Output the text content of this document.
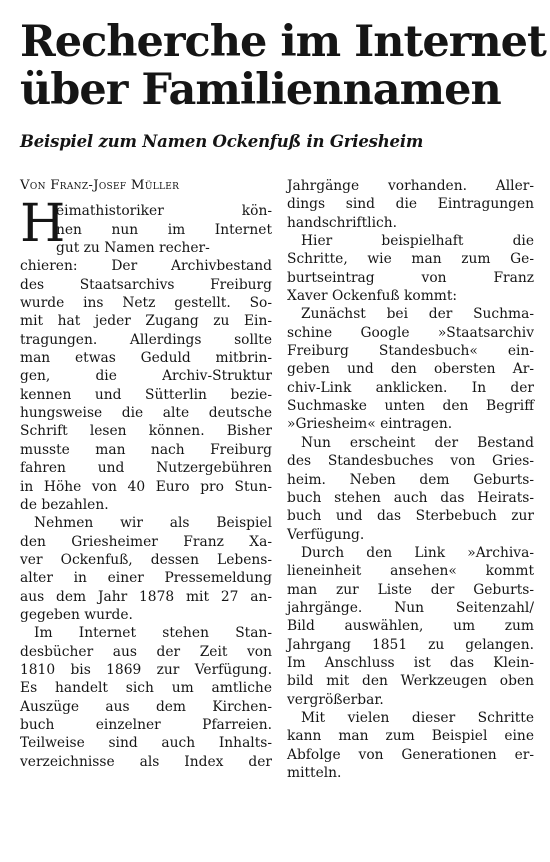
Recherche im Internet
über Familiennamen

Beispiel zum Namen Ockenfuß in Griesheim

Von Franz-Josef Müller

H

eimathistoriker kön-
nen nun im Internet
gut zu Namen recher-

chieren: Der Archivbestand
des Staatsarchivs Freiburg
wurde ins Netz gestellt. So-
mit hat jeder Zugang zu Ein-
tragungen. Allerdings sollte
man etwas Geduld mitbrin-
gen, die Archiv-Struktur
kennen und Sütterlin bezie-
hungsweise die alte deutsche
Schrift lesen können. Bisher
musste man nach Freiburg
fahren und Nutzergebühren
in Höhe von 40 Euro pro Stun-
de bezahlen.

Nehmen wir als Beispiel
den Griesheimer Franz Xa-
ver Ockenfuß, dessen Lebens-
alter in einer Pressemeldung
aus dem Jahr 1878 mit 27 an-
gegeben wurde.

Im Internet stehen Stan-
desbücher aus der Zeit von
1810 bis 1869 zur Verfügung.
Es handelt sich um amtliche
Auszüge aus dem Kirchen-
buch einzelner Pfarreien.
Teilweise sind auch Inhalts-
verzeichnisse als Index der

Jahrgänge vorhanden. Aller-
dings sind die Eintragungen
handschriftlich.

Hier beispielhaft die
Schritte, wie man zum Ge-
burtseintrag von Franz
Xaver Ockenfuß kommt:

Zunächst bei der Suchma-
schine Google »Staatsarchiv
Freiburg Standesbuch« ein-
geben und den obersten Ar-
chiv-Link anklicken. In der
Suchmaske unten den Begriff
»Griesheim« eintragen.

Nun erscheint der Bestand
des Standesbuches von Gries-
heim. Neben dem Geburts-
buch stehen auch das Heirats-
buch und das Sterbebuch zur
Verfügung.

Durch den Link »Archiva-
lieneinheit ansehen« kommt
man zur Liste der Geburts-
jahrgänge. Nun Seitenzahl/
Bild auswählen, um zum
Jahrgang 1851 zu gelangen.
Im Anschluss ist das Klein-
bild mit den Werkzeugen oben
vergrößerbar.

Mit vielen dieser Schritte
kann man zum Beispiel eine
Abfolge von Generationen er-
mitteln.
